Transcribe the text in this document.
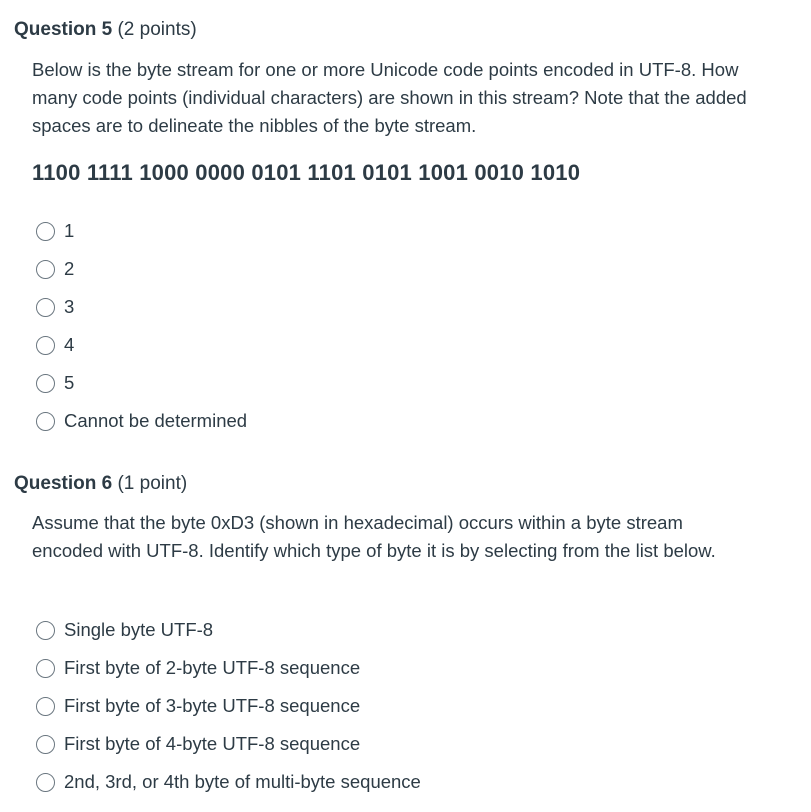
Question 5 (2 points)

Below is the byte stream for one or more Unicode code points encoded in UTF-8. How many code points (individual characters) are shown in this stream? Note that the added spaces are to delineate the nibbles of the byte stream.

1100 1111 1000 0000 0101 1101 0101 1001 0010 1010
1
2
3
4
5
Cannot be determined
Question 6 (1 point)

Assume that the byte 0xD3 (shown in hexadecimal) occurs within a byte stream encoded with UTF-8. Identify which type of byte it is by selecting from the list below.

Single byte UTF-8
First byte of 2-byte UTF-8 sequence
First byte of 3-byte UTF-8 sequence
First byte of 4-byte UTF-8 sequence
2nd, 3rd, or 4th byte of multi-byte sequence
